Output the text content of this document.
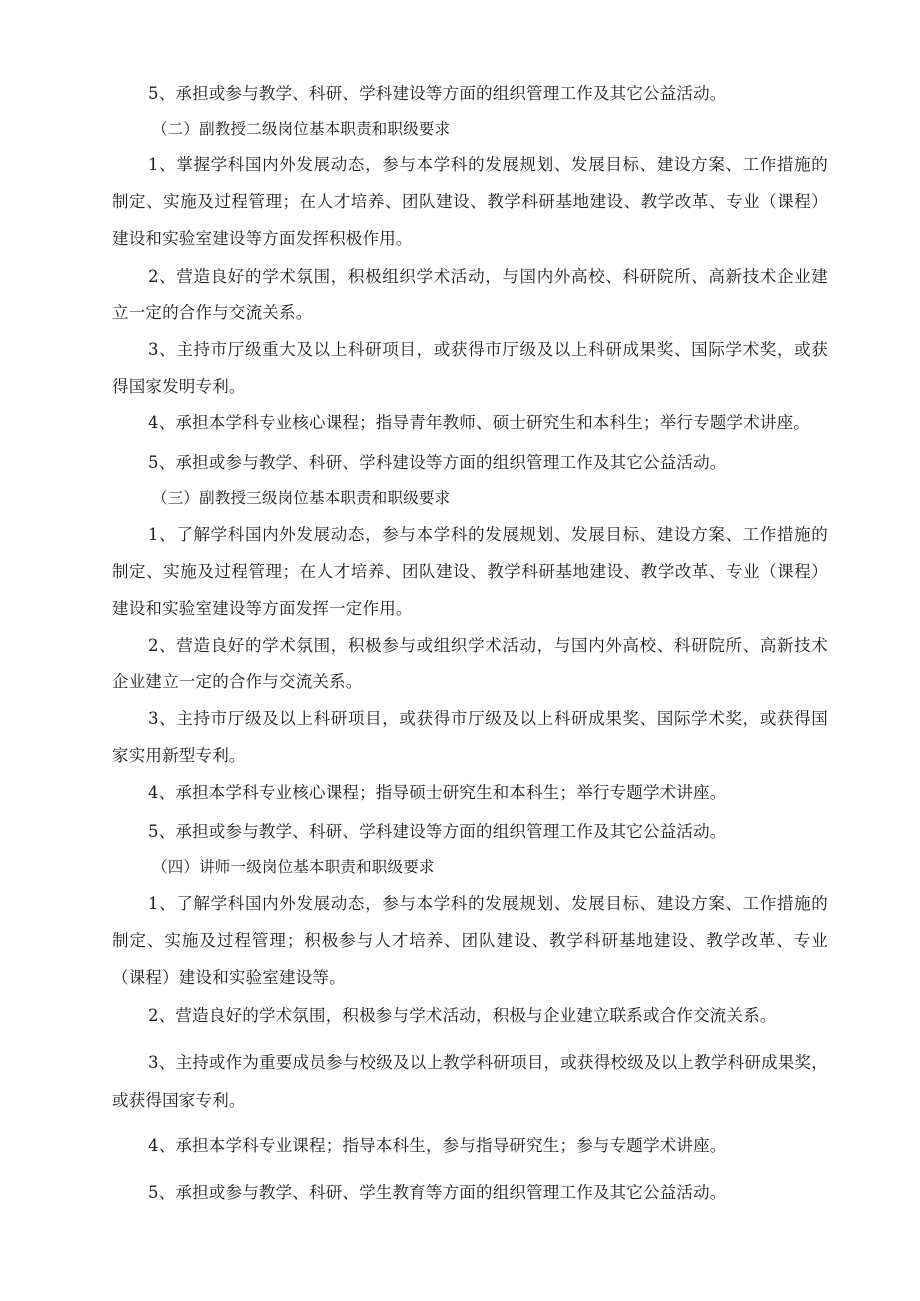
5、承担或参与教学、科研、学科建设等方面的组织管理工作及其它公益活动。
（二）副教授二级岗位基本职责和职级要求
1、掌握学科国内外发展动态，参与本学科的发展规划、发展目标、建设方案、工作措施的
制定、实施及过程管理；在人才培养、团队建设、教学科研基地建设、教学改革、专业（课程）
建设和实验室建设等方面发挥积极作用。
2、营造良好的学术氛围，积极组织学术活动，与国内外高校、科研院所、高新技术企业建
立一定的合作与交流关系。
3、主持市厅级重大及以上科研项目，或获得市厅级及以上科研成果奖、国际学术奖，或获
得国家发明专利。
4、承担本学科专业核心课程；指导青年教师、硕士研究生和本科生；举行专题学术讲座。
5、承担或参与教学、科研、学科建设等方面的组织管理工作及其它公益活动。
（三）副教授三级岗位基本职责和职级要求
1、了解学科国内外发展动态，参与本学科的发展规划、发展目标、建设方案、工作措施的
制定、实施及过程管理；在人才培养、团队建设、教学科研基地建设、教学改革、专业（课程）
建设和实验室建设等方面发挥一定作用。
2、营造良好的学术氛围，积极参与或组织学术活动，与国内外高校、科研院所、高新技术
企业建立一定的合作与交流关系。
3、主持市厅级及以上科研项目，或获得市厅级及以上科研成果奖、国际学术奖，或获得国
家实用新型专利。
4、承担本学科专业核心课程；指导硕士研究生和本科生；举行专题学术讲座。
5、承担或参与教学、科研、学科建设等方面的组织管理工作及其它公益活动。
（四）讲师一级岗位基本职责和职级要求
1、了解学科国内外发展动态，参与本学科的发展规划、发展目标、建设方案、工作措施的
制定、实施及过程管理；积极参与人才培养、团队建设、教学科研基地建设、教学改革、专业
（课程）建设和实验室建设等。
2、营造良好的学术氛围，积极参与学术活动，积极与企业建立联系或合作交流关系。
3、主持或作为重要成员参与校级及以上教学科研项目，或获得校级及以上教学科研成果奖，
或获得国家专利。
4、承担本学科专业课程；指导本科生，参与指导研究生；参与专题学术讲座。
5、承担或参与教学、科研、学生教育等方面的组织管理工作及其它公益活动。
